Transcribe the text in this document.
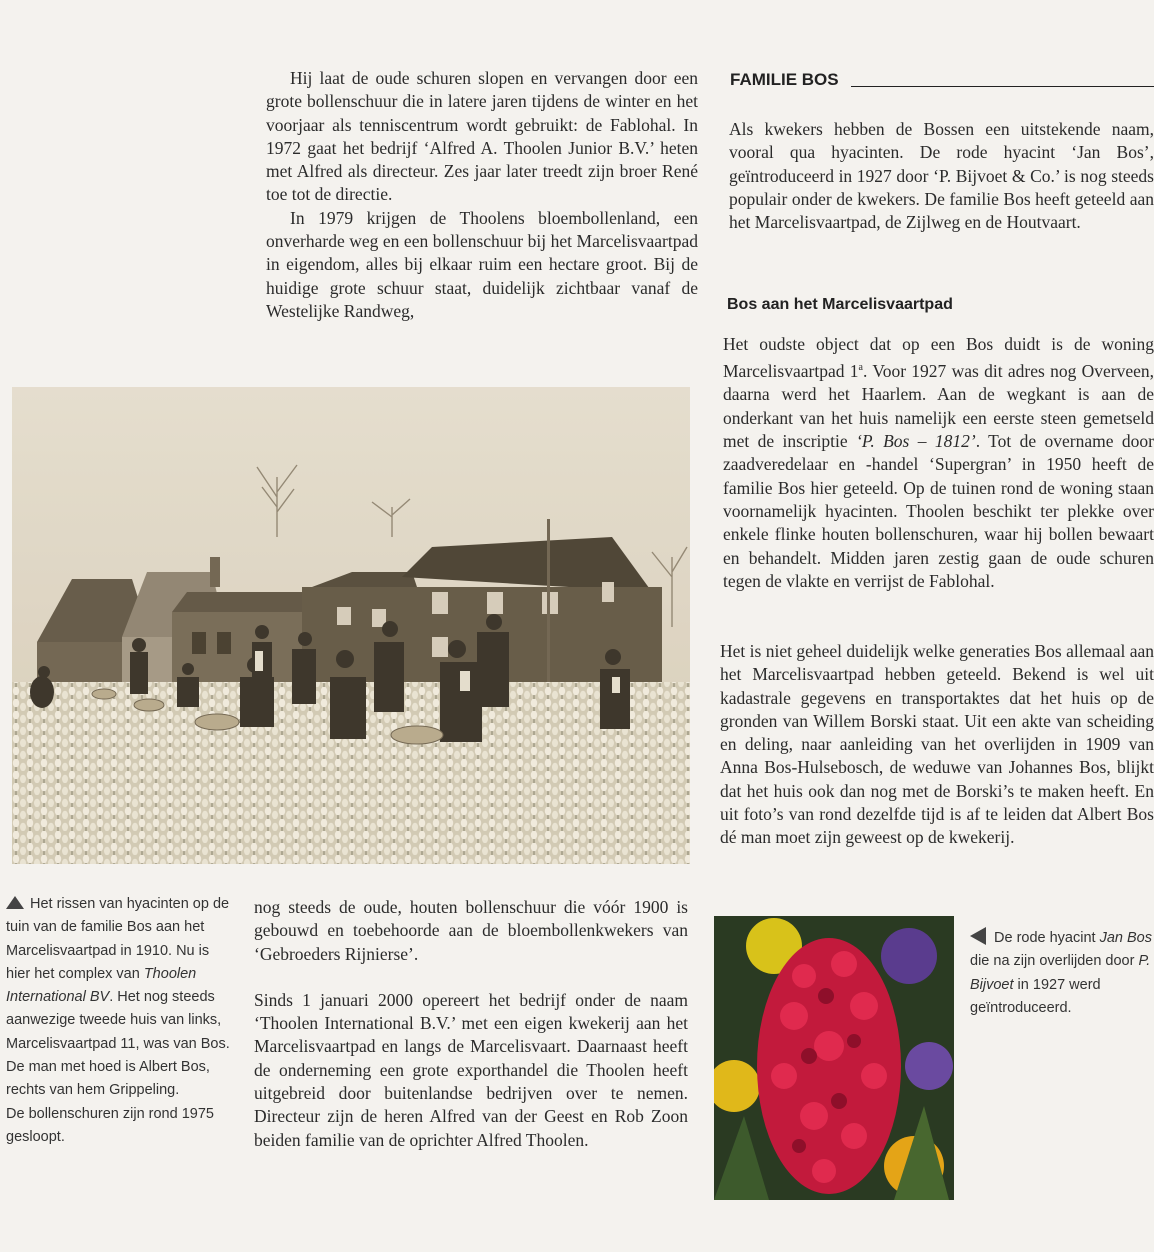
Hij laat de oude schuren slopen en vervangen door een grote bollenschuur die in latere jaren tijdens de winter en het voorjaar als tenniscentrum wordt gebruikt: de Fablohal. In 1972 gaat het bedrijf ‘Alfred A. Thoolen Junior B.V.’ heten met Alfred als directeur. Zes jaar later treedt zijn broer René toe tot de directie.

In 1979 krijgen de Thoolens bloembollenland, een onverharde weg en een bollenschuur bij het Marcelisvaartpad in eigendom, alles bij elkaar ruim een hectare groot. Bij de huidige grote schuur staat, duidelijk zichtbaar vanaf de Westelijke Randweg,

Het rissen van hyacinten op de tuin van de familie Bos aan het Marcelisvaartpad in 1910. Nu is hier het complex van Thoolen International BV. Het nog steeds aanwezige tweede huis van links, Marcelisvaartpad 11, was van Bos. De man met hoed is Albert Bos, rechts van hem Grippeling.

De bollenschuren zijn rond 1975 gesloopt.

nog steeds de oude, houten bollenschuur die vóór 1900 is gebouwd en toebehoorde aan de bloembollenkwekers van ‘Gebroeders Rijnierse’.

Sinds 1 januari 2000 opereert het bedrijf onder de naam ‘Thoolen International B.V.’ met een eigen kwekerij aan het Marcelisvaartpad en langs de Marcelisvaart. Daarnaast heeft de onderneming een grote exporthandel die Thoolen heeft uitgebreid door buitenlandse bedrijven over te nemen. Directeur zijn de heren Alfred van der Geest en Rob Zoon beiden familie van de oprichter Alfred Thoolen.

FAMILIE BOS
Als kwekers hebben de Bossen een uitstekende naam, vooral qua hyacinten. De rode hyacint ‘Jan Bos’, geïntroduceerd in 1927 door ‘P. Bijvoet & Co.’ is nog steeds populair onder de kwekers. De familie Bos heeft geteeld aan het Marcelisvaartpad, de Zijlweg en de Houtvaart.
Bos aan het Marcelisvaartpad
Het oudste object dat op een Bos duidt is de woning Marcelisvaartpad 1$^a$. Voor 1927 was dit adres nog Overveen, daarna werd het Haarlem. Aan de wegkant is aan de onderkant van het huis namelijk een eerste steen gemetseld met de inscriptie ‘P. Bos – 1812’. Tot de overname door zaadveredelaar en -handel ‘Supergran’ in 1950 heeft de familie Bos hier geteeld. Op de tuinen rond de woning staan voornamelijk hyacinten. Thoolen beschikt ter plekke over enkele flinke houten bollenschuren, waar hij bollen bewaart en behandelt. Midden jaren zestig gaan de oude schuren tegen de vlakte en verrijst de Fablohal.
Het is niet geheel duidelijk welke generaties Bos allemaal aan het Marcelisvaartpad hebben geteeld. Bekend is wel uit kadastrale gegevens en transportaktes dat het huis op de gronden van Willem Borski staat. Uit een akte van scheiding en deling, naar aanleiding van het overlijden in 1909 van Anna Bos-Hulsebosch, de weduwe van Johannes Bos, blijkt dat het huis ook dan nog met de Borski’s te maken heeft. En uit foto’s van rond dezelfde tijd is af te leiden dat Albert Bos dé man moet zijn geweest op de kwekerij.
De rode hyacint Jan Bos die na zijn overlijden door P. Bijvoet in 1927 werd geïntroduceerd.
